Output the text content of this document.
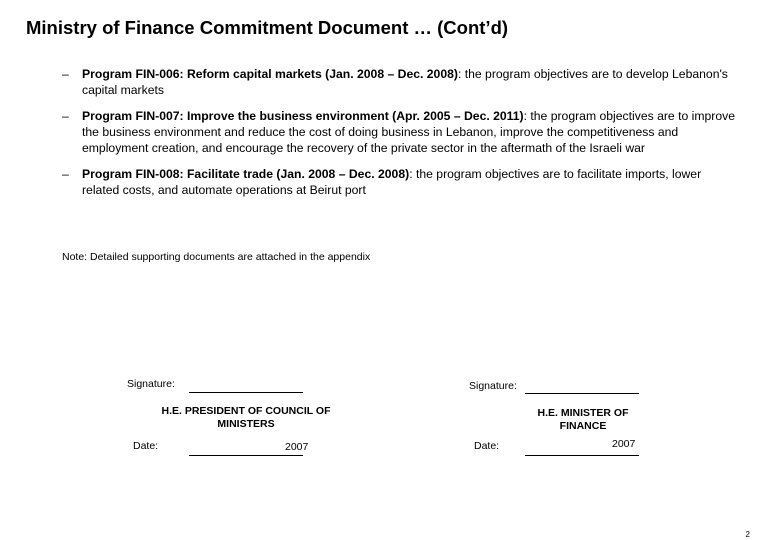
Ministry of Finance Commitment Document … (Cont’d)
– Program FIN-006: Reform capital markets (Jan. 2008 – Dec. 2008): the program objectives are to develop Lebanon's capital markets
– Program FIN-007: Improve the business environment (Apr. 2005 – Dec. 2011): the program objectives are to improve the business environment and reduce the cost of doing business in Lebanon, improve the competitiveness and employment creation, and encourage the recovery of the private sector in the aftermath of the Israeli war
– Program FIN-008: Facilitate trade (Jan. 2008 – Dec. 2008): the program objectives are to facilitate imports, lower related costs, and automate operations at Beirut port
Note: Detailed supporting documents are attached in the appendix
Signature:
H.E. PRESIDENT OF COUNCIL OF MINISTERS
Date:	2007
Signature:
H.E. MINISTER OF FINANCE
Date:	2007
2
